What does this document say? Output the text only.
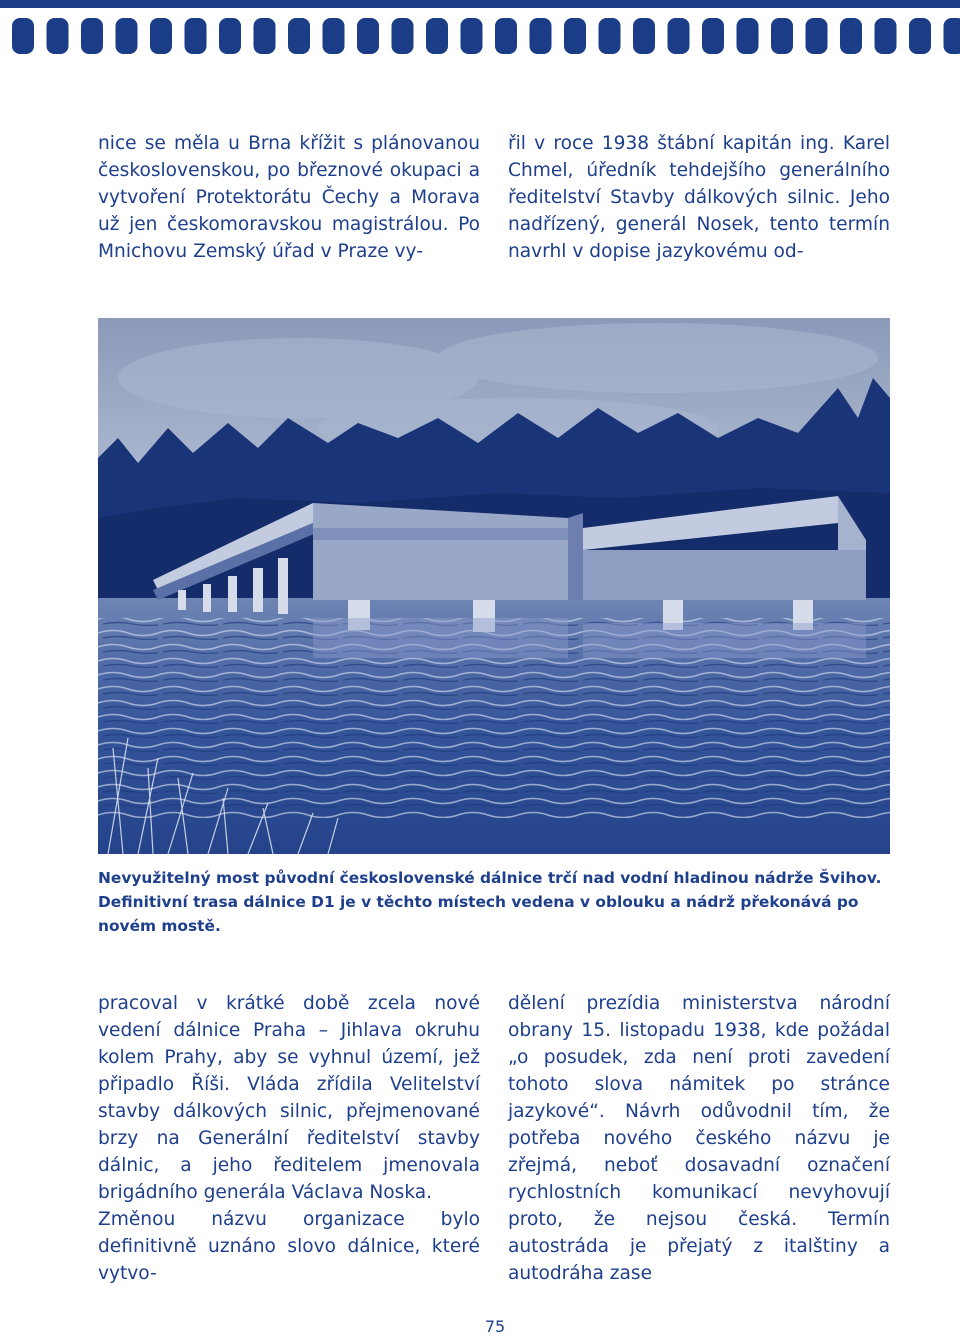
nice se měla u Brna křížit s plánovanou československou, po březnové okupaci a vytvoření Protektorátu Čechy a Morava už jen českomoravskou magistrálou. Po Mnichovu Zemský úřad v Praze vy-

řil v roce 1938 štábní kapitán ing. Karel Chmel, úředník tehdejšího generálního ředitelství Stavby dálkových silnic. Jeho nadřízený, generál Nosek, tento termín navrhl v dopise jazykovému od-

Nevyužitelný most původní československé dálnice trčí nad vodní hladinou nádrže Švihov. Definitivní trasa dálnice D1 je v těchto místech vedena v oblouku a nádrž překonává po novém mostě.

pracoval v krátké době zcela nové vedení dálnice Praha – Jihlava okruhu kolem Prahy, aby se vyhnul území, jež připadlo Říši. Vláda zřídila Velitelství stavby dálkových silnic, přejmenované brzy na Generální ředitelství stavby dálnic, a jeho ředitelem jmenovala brigádního generála Václava Noska.

Změnou názvu organizace bylo definitivně uznáno slovo dálnice, které vytvo-

dělení prezídia ministerstva národní obrany 15. listopadu 1938, kde požádal „o posudek, zda není proti zavedení tohoto slova námitek po stránce jazykové“. Návrh odůvodnil tím, že potřeba nového českého názvu je zřejmá, neboť dosavadní označení rychlostních komunikací nevyhovují proto, že nejsou česká. Termín autostráda je přejatý z italštiny a autodráha zase

75
